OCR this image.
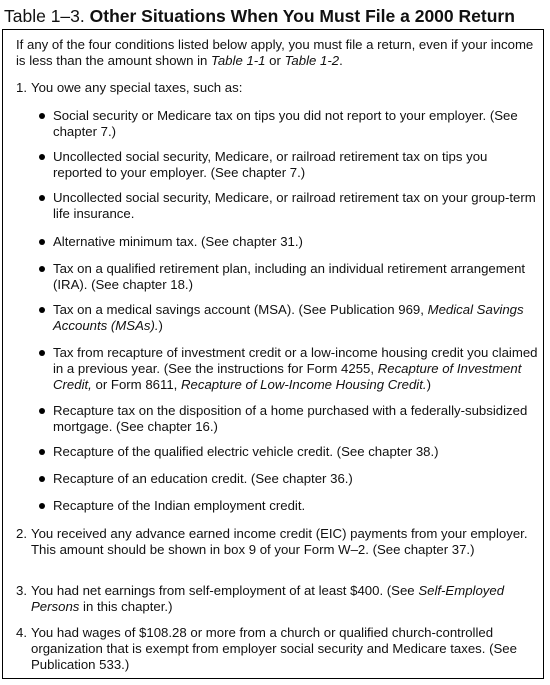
Table 1–3. Other Situations When You Must File a 2000 Return
If any of the four conditions listed below apply, you must file a return, even if your income is less than the amount shown in Table 1-1 or Table 1-2.
1. You owe any special taxes, such as:
Social security or Medicare tax on tips you did not report to your employer. (See chapter 7.)
Uncollected social security, Medicare, or railroad retirement tax on tips you reported to your employer. (See chapter 7.)
Uncollected social security, Medicare, or railroad retirement tax on your group-term life insurance.
Alternative minimum tax. (See chapter 31.)
Tax on a qualified retirement plan, including an individual retirement arrangement (IRA). (See chapter 18.)
Tax on a medical savings account (MSA). (See Publication 969, Medical Savings Accounts (MSAs).)
Tax from recapture of investment credit or a low-income housing credit you claimed in a previous year. (See the instructions for Form 4255, Recapture of Investment Credit, or Form 8611, Recapture of Low-Income Housing Credit.)
Recapture tax on the disposition of a home purchased with a federally-subsidized mortgage. (See chapter 16.)
Recapture of the qualified electric vehicle credit. (See chapter 38.)
Recapture of an education credit. (See chapter 36.)
Recapture of the Indian employment credit.
2. You received any advance earned income credit (EIC) payments from your employer. This amount should be shown in box 9 of your Form W–2. (See chapter 37.)
3. You had net earnings from self-employment of at least $400. (See Self-Employed Persons in this chapter.)
4. You had wages of $108.28 or more from a church or qualified church-controlled organization that is exempt from employer social security and Medicare taxes. (See Publication 533.)
